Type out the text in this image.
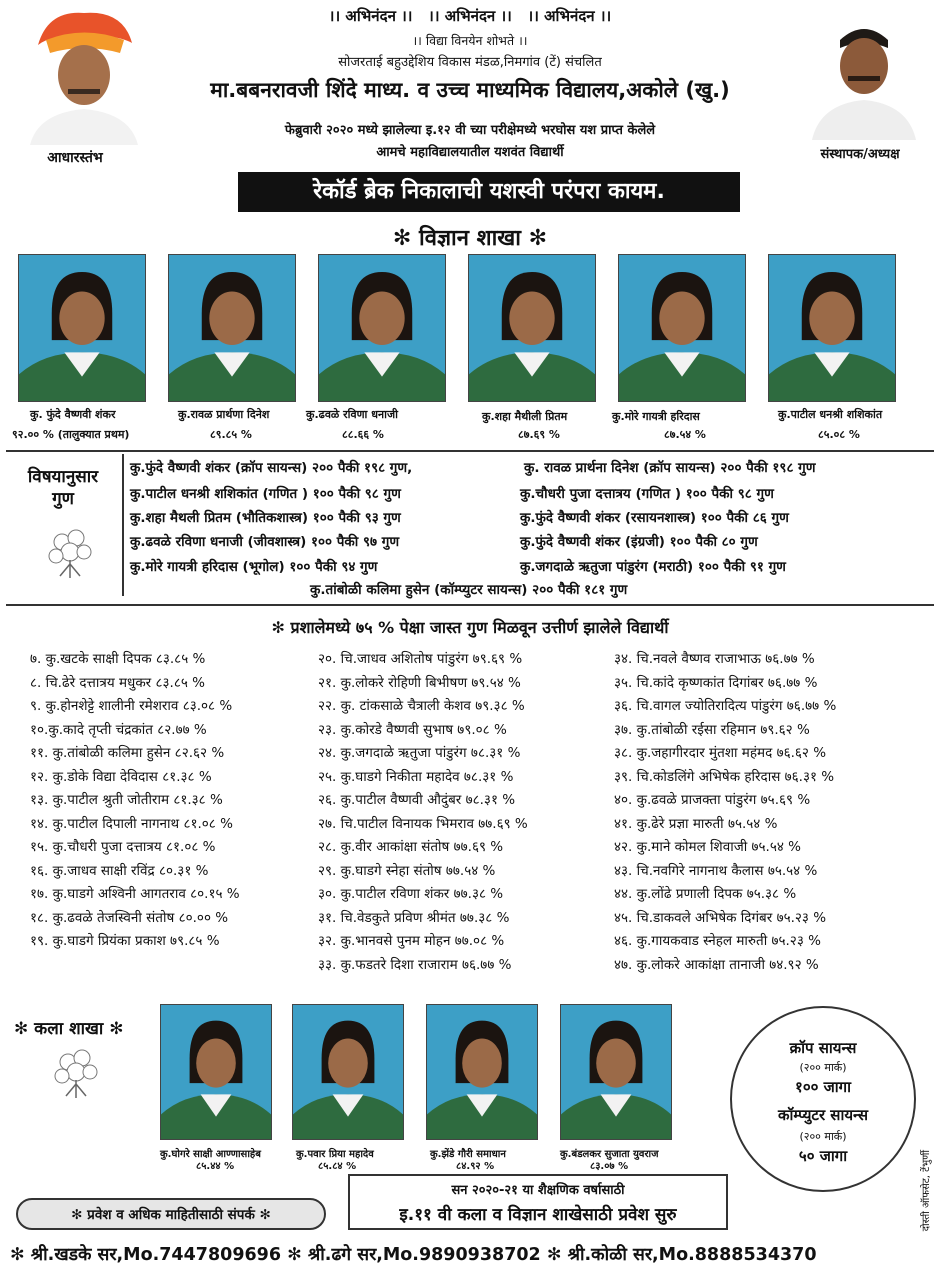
।। अभिनंदन ।।   ।। अभिनंदन ।।   ।। अभिनंदन ।।
।। विद्या विनयेन शोभते ।।
सोजरताई बहुउद्देशिय विकास मंडळ,निमगांव (टें) संचलित
मा.बबनरावजी शिंदे माध्य. व उच्च माध्यमिक विद्यालय,अकोले (खु.)
फेब्रुवारी २०२० मध्ये झालेल्या इ.१२ वी च्या परीक्षेमध्ये भरघोस यश प्राप्त केलेले
आमचे महाविद्यालयातील यशवंत विद्यार्थी
आधारस्तंभ	संस्थापक/अध्यक्ष
रेकॉर्ड ब्रेक निकालाची यशस्वी परंपरा कायम.
✻ विज्ञान शाखा ✻
कु. फुंदे वैष्णवी शंकर
९२.०० % (तालुक्यात प्रथम)
कु.रावळ प्रार्थणा दिनेश
८९.८५ %
कु.ढवळे रविणा धनाजी
८८.६६ %
कु.शहा मैथीली प्रितम
८७.६९ %
कु.मोरे गायत्री हरिदास
८७.५४ %
कु.पाटील धनश्री शशिकांत
८५.०८ %
विषयानुसार
गुण
कु.फुंदे वैष्णवी शंकर (क्रॉप सायन्स) २०० पैकी १९८ गुण,	कु. रावळ प्रार्थना दिनेश (क्रॉप सायन्स) २०० पैकी १९८ गुण
कु.पाटील धनश्री शशिकांत (गणित ) १०० पैकी ९८ गुण	कु.चौधरी पुजा दत्तात्रय (गणित ) १०० पैकी ९८ गुण
कु.शहा मैथली प्रितम (भौतिकशास्त्र) १०० पैकी ९३ गुण	कु.फुंदे वैष्णवी शंकर (रसायनशास्त्र) १०० पैकी ८६ गुण
कु.ढवळे रविणा धनाजी (जीवशास्त्र) १०० पैकी ९७ गुण	कु.फुंदे वैष्णवी शंकर (इंग्रजी) १०० पैकी ८० गुण
कु.मोरे गायत्री हरिदास (भूगोल) १०० पैकी ९४ गुण	कु.जगदाळे ऋतुजा पांडुरंग (मराठी) १०० पैकी ९१ गुण
कु.तांबोळी कलिमा हुसेन (कॉम्प्युटर सायन्स) २०० पैकी १८१ गुण
✻ प्रशालेमध्ये ७५ % पेक्षा जास्त गुण मिळवून उत्तीर्ण झालेले विद्यार्थी
७. कु.खटके साक्षी दिपक ८३.८५ %
८. चि.ढेरे दत्तात्रय मधुकर ८३.८५ %
९. कु.होनशेट्टे शालीनी रमेशराव ८३.०८ %
१०.कु.कादे तृप्ती चंद्रकांत ८२.७७ %
११. कु.तांबोळी कलिमा हुसेन ८२.६२ %
१२. कु.डोके विद्या देविदास ८१.३८ %
१३. कु.पाटील श्रुती जोतीराम ८१.३८ %
१४. कु.पाटील दिपाली नागनाथ ८१.०८ %
१५. कु.चौधरी पुजा दत्तात्रय ८१.०८ %
१६. कु.जाधव साक्षी रविंद्र ८०.३१ %
१७. कु.घाडगे अश्विनी आगतराव ८०.१५ %
१८. कु.ढवळे तेजस्विनी संतोष ८०.०० %
१९. कु.घाडगे प्रियंका प्रकाश ७९.८५ %
२०. चि.जाधव अशितोष पांडुरंग ७९.६९ %
२१. कु.लोकरे रोहिणी बिभीषण ७९.५४ %
२२. कु. टांकसाळे चैत्राली केशव ७९.३८ %
२३. कु.कोरडे वैष्णवी सुभाष ७९.०८ %
२४. कु.जगदाळे ऋतुजा पांडुरंग ७८.३१ %
२५. कु.घाडगे निकीता महादेव ७८.३१ %
२६. कु.पाटील वैष्णवी औदुंबर ७८.३१ %
२७. चि.पाटील विनायक भिमराव ७७.६९ %
२८. कु.वीर आकांक्षा संतोष ७७.६९ %
२९. कु.घाडगे स्नेहा संतोष ७७.५४ %
३०. कु.पाटील रविणा शंकर ७७.३८ %
३१. चि.वेडकुते प्रविण श्रीमंत ७७.३८ %
३२. कु.भानवसे पुनम मोहन ७७.०८ %
३३. कु.फडतरे दिशा राजाराम ७६.७७ %
३४. चि.नवले वैष्णव राजाभाऊ ७६.७७ %
३५. चि.कांदे कृष्णकांत दिगांबर ७६.७७ %
३६. चि.वागल ज्योतिरादित्य पांडुरंग ७६.७७ %
३७. कु.तांबोळी रईसा रहिमान ७९.६२ %
३८. कु.जहागीरदार मुंतशा महंमद ७६.६२ %
३९. चि.कोडलिंगे अभिषेक हरिदास ७६.३१ %
४०. कु.ढवळे प्राजक्ता पांडुरंग ७५.६९ %
४१. कु.ढेरे प्रज्ञा मारुती ७५.५४ %
४२. कु.माने कोमल शिवाजी ७५.५४ %
४३. चि.नवगिरे नागनाथ कैलास ७५.५४ %
४४. कु.लोंढे प्रणाली दिपक ७५.३८ %
४५. चि.डाकवले अभिषेक दिगंबर ७५.२३ %
४६. कु.गायकवाड स्नेहल मारुती ७५.२३ %
४७. कु.लोकरे आकांक्षा तानाजी ७४.९२ %
✻ कला शाखा ✻
कु.घोगरे साक्षी आण्णासाहेब
८५.४४ %
कु.पवार प्रिया महादेव
८५.८४ %
कु.झेंडे गौरी समाधान
८४.९२ %
कु.बंडलकर सुजाता युवराज
८३.०७ %
क्रॉप सायन्स
(२०० मार्क)
१०० जागा
कॉम्प्युटर सायन्स
(२०० मार्क)
५० जागा	दोस्ती ऑफसेट, टेंभुर्णी
सन २०२०-२१ या शैक्षणिक वर्षासाठी
इ.११ वी कला व विज्ञान शाखेसाठी प्रवेश सुरु
✻ प्रवेश व अधिक माहितीसाठी संपर्क ✻
✻ श्री.खडके सर,Mo.7447809696 ✻ श्री.ढगे सर,Mo.9890938702 ✻ श्री.कोळी सर,Mo.8888534370
